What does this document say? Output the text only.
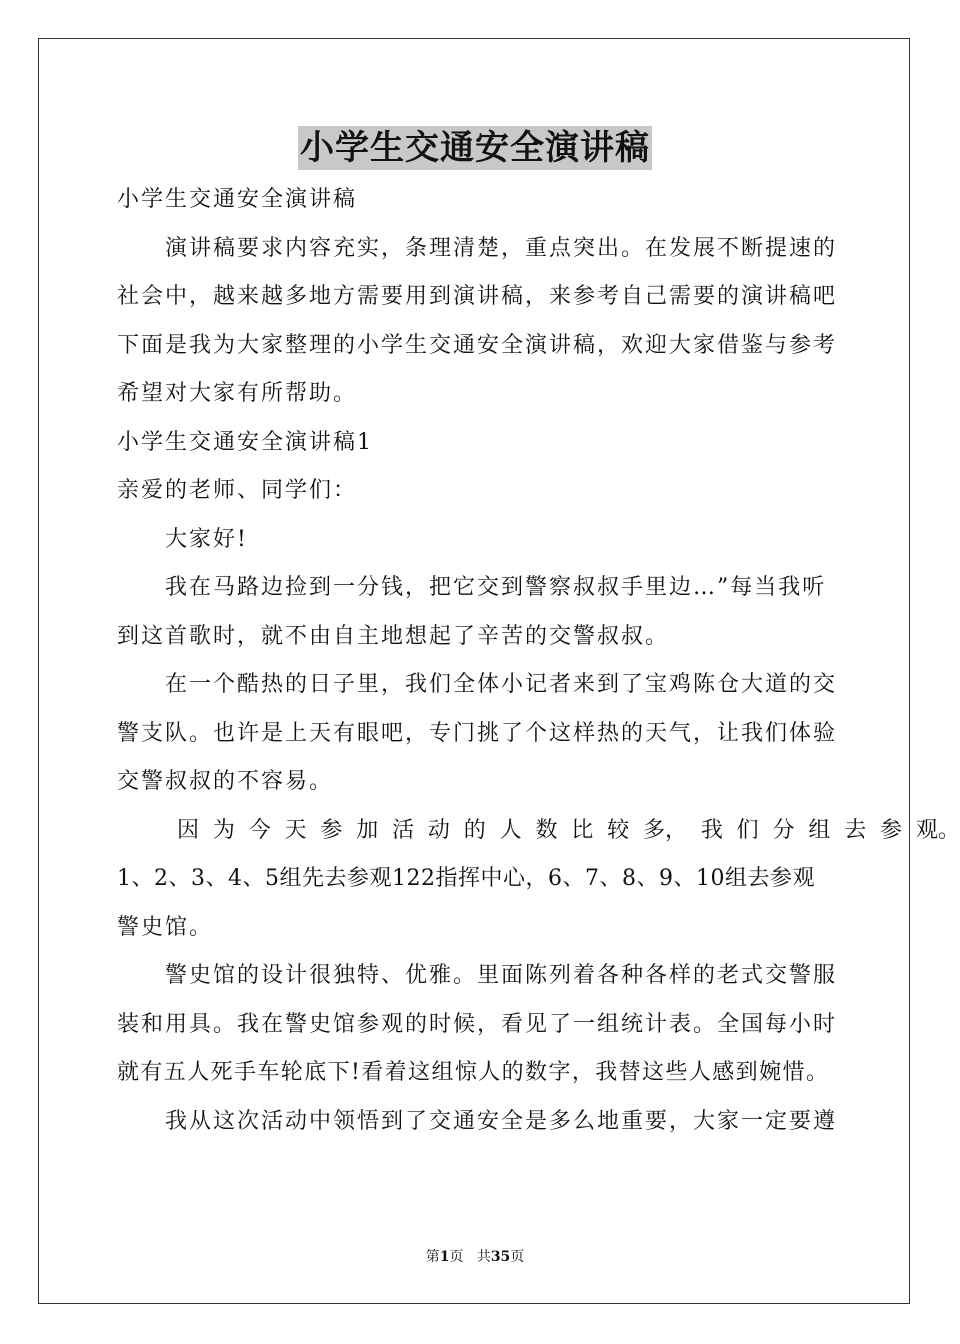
小学生交通安全演讲稿
小学生交通安全演讲稿
演讲稿要求内容充实，条理清楚，重点突出。在发展不断提速的
社会中，越来越多地方需要用到演讲稿，来参考自己需要的演讲稿吧
下面是我为大家整理的小学生交通安全演讲稿，欢迎大家借鉴与参考
希望对大家有所帮助。
小学生交通安全演讲稿1
亲爱的老师、同学们：
大家好!
我在马路边捡到一分钱，把它交到警察叔叔手里边…”每当我听
到这首歌时，就不由自主地想起了辛苦的交警叔叔。
在一个酷热的日子里，我们全体小记者来到了宝鸡陈仓大道的交
警支队。也许是上天有眼吧，专门挑了个这样热的天气，让我们体验
交警叔叔的不容易。
因 为 今 天 参 加 活 动 的 人 数 比 较 多， 我 们 分 组 去 参 观。
1、2、3、4、5组先去参观122指挥中心，6、7、8、9、10组去参观
警史馆。
警史馆的设计很独特、优雅。里面陈列着各种各样的老式交警服
装和用具。我在警史馆参观的时候，看见了一组统计表。全国每小时
就有五人死手车轮底下!看着这组惊人的数字，我替这些人感到婉惜。
我从这次活动中领悟到了交通安全是多么地重要，大家一定要遵
第1页 共35页
